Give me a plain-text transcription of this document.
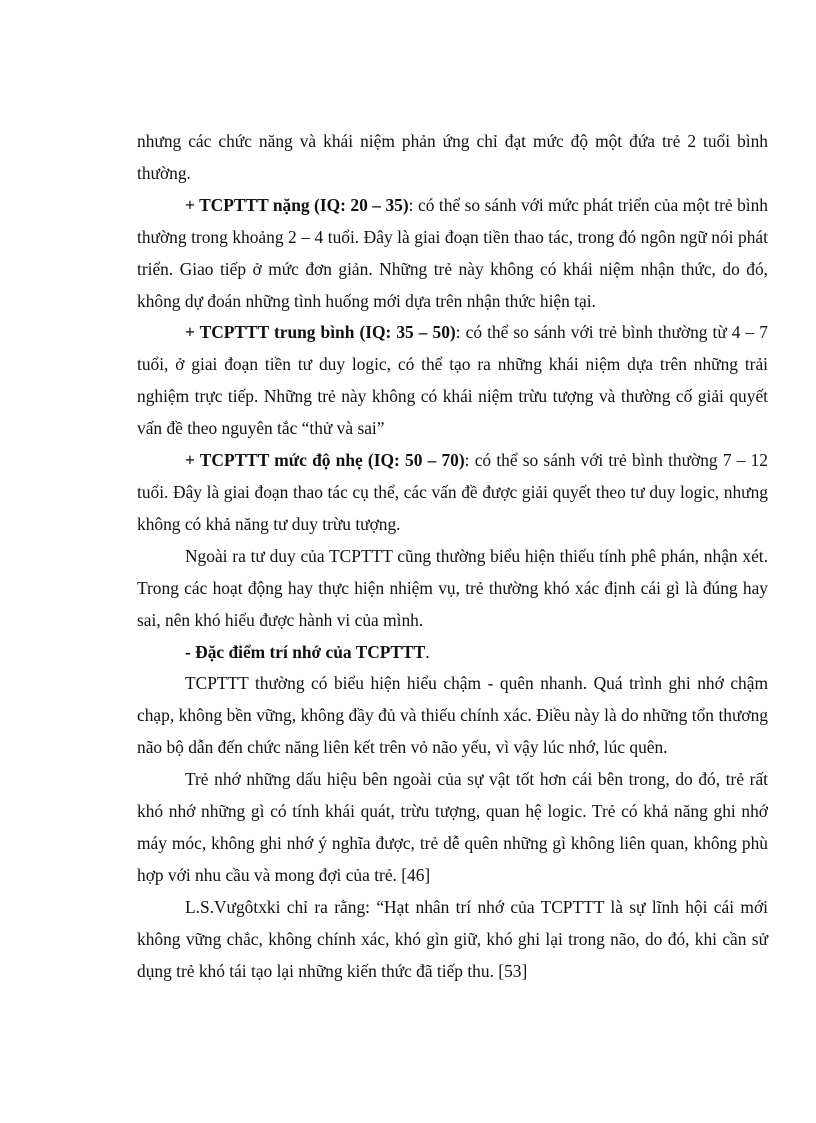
nhưng các chức năng và khái niệm phản ứng chỉ đạt mức độ một đứa trẻ 2 tuổi bình thường.

+ TCPTTT nặng (IQ: 20 – 35): có thể so sánh với mức phát triển của một trẻ bình thường trong khoảng 2 – 4 tuổi. Đây là giai đoạn tiền thao tác, trong đó ngôn ngữ nói phát triển. Giao tiếp ở mức đơn giản. Những trẻ này không có khái niệm nhận thức, do đó, không dự đoán những tình huống mới dựa trên nhận thức hiện tại.

+ TCPTTT trung bình (IQ: 35 – 50): có thể so sánh với trẻ bình thường từ 4 – 7 tuổi, ở giai đoạn tiền tư duy logic, có thể tạo ra những khái niệm dựa trên những trải nghiệm trực tiếp. Những trẻ này không có khái niệm trừu tượng và thường cố giải quyết vấn đề theo nguyên tắc “thử và sai”

+ TCPTTT mức độ nhẹ (IQ: 50 – 70): có thể so sánh với trẻ bình thường 7 – 12 tuổi. Đây là giai đoạn thao tác cụ thể, các vấn đề được giải quyết theo tư duy logic, nhưng không có khả năng tư duy trừu tượng.

Ngoài ra tư duy của TCPTTT cũng thường biểu hiện thiếu tính phê phán, nhận xét. Trong các hoạt động hay thực hiện nhiệm vụ, trẻ thường khó xác định cái gì là đúng hay sai, nên khó hiểu được hành vi của mình.

- Đặc điểm trí nhớ của TCPTTT.

TCPTTT thường có biểu hiện hiểu chậm - quên nhanh. Quá trình ghi nhớ chậm chạp, không bền vững, không đầy đủ và thiếu chính xác. Điều này là do những tổn thương não bộ dẫn đến chức năng liên kết trên vỏ não yếu, vì vậy lúc nhớ, lúc quên.

Trẻ nhớ những dấu hiệu bên ngoài của sự vật tốt hơn cái bên trong, do đó, trẻ rất khó nhớ những gì có tính khái quát, trừu tượng, quan hệ logic. Trẻ có khả năng ghi nhớ máy móc, không ghi nhớ ý nghĩa được, trẻ dễ quên những gì không liên quan, không phù hợp với nhu cầu và mong đợi của trẻ. [46]

L.S.Vưgôtxki chỉ ra rằng: “Hạt nhân trí nhớ của TCPTTT là sự lĩnh hội cái mới không vững chắc, không chính xác, khó gìn giữ, khó ghi lại trong não, do đó, khi cần sử dụng trẻ khó tái tạo lại những kiến thức đã tiếp thu. [53]
